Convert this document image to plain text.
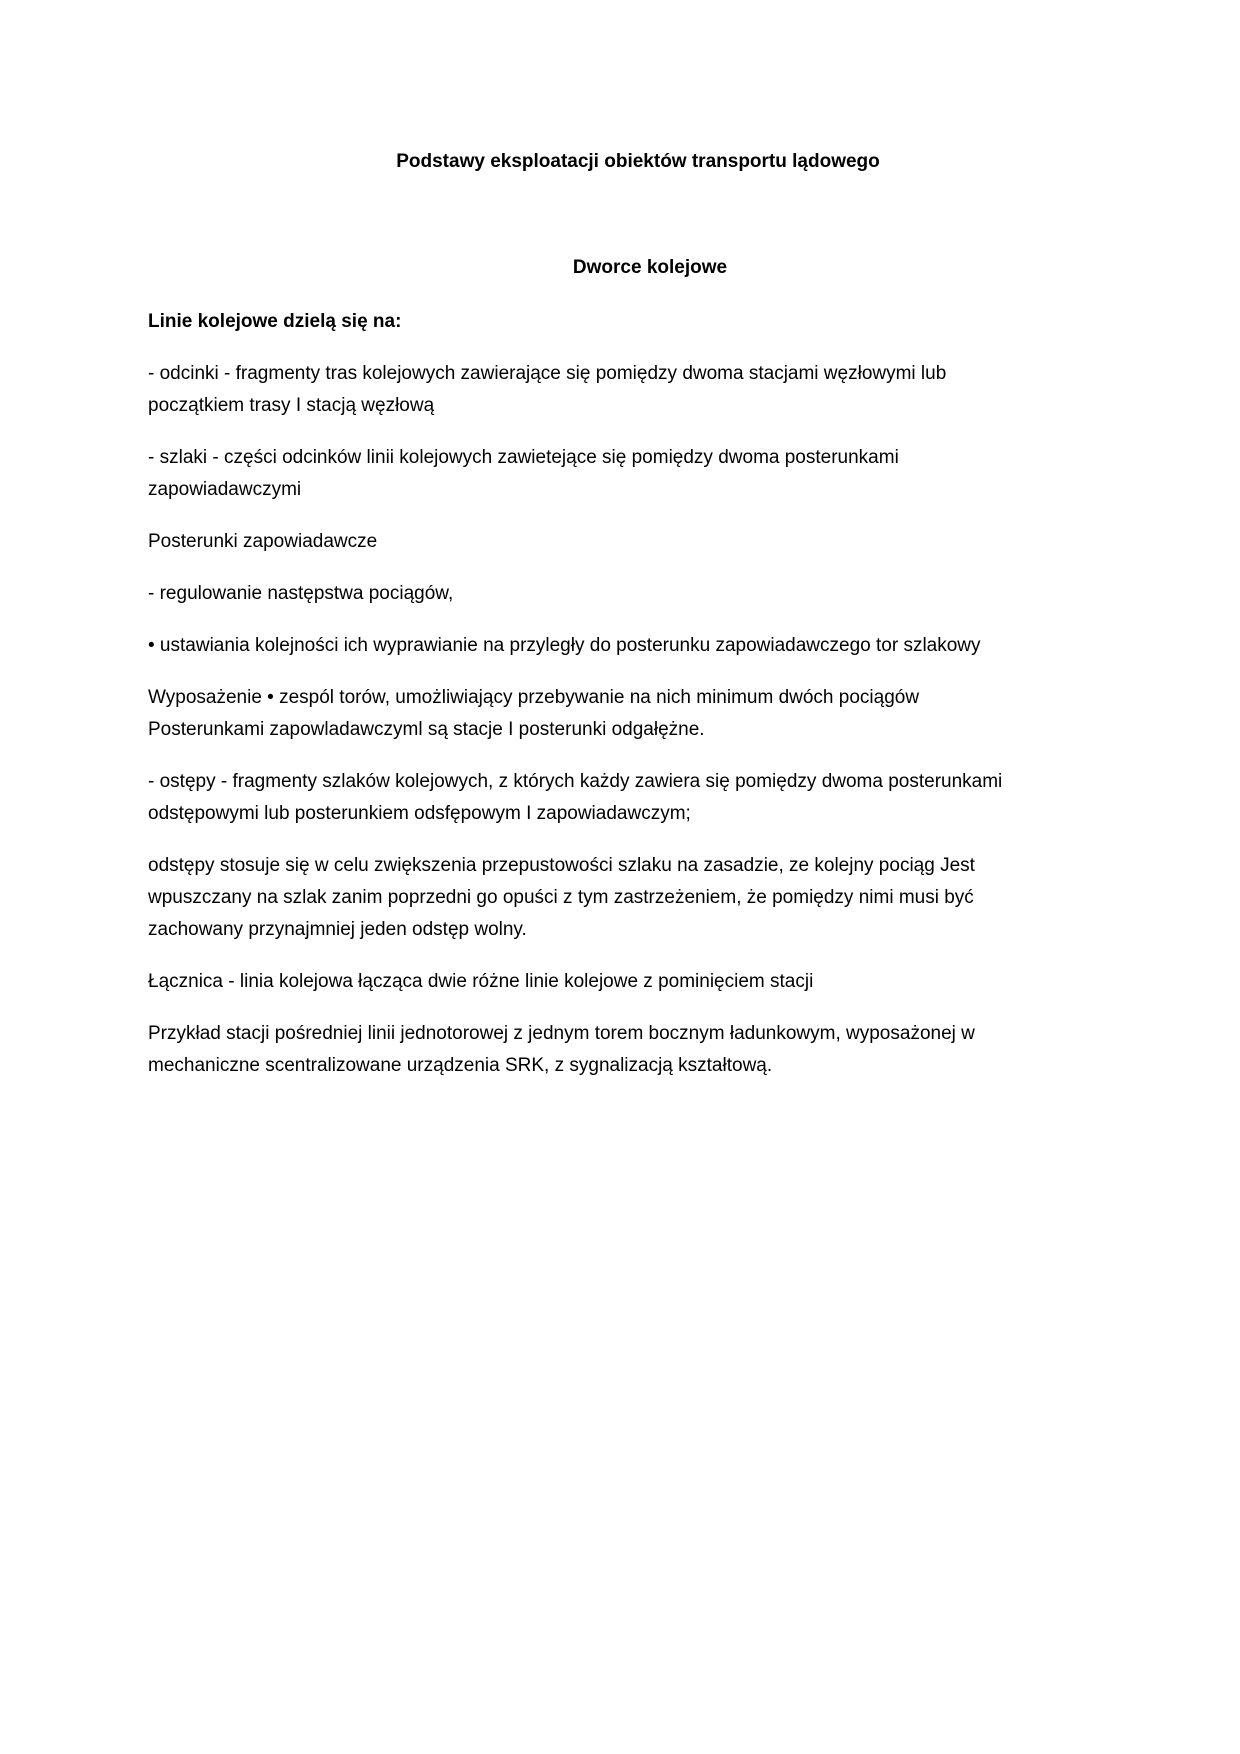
Podstawy eksploatacji obiektów transportu lądowego

Dworce kolejowe

Linie kolejowe dzielą się na:

- odcinki - fragmenty tras kolejowych zawierające się pomiędzy dwoma stacjami węzłowymi lub
początkiem trasy I stacją węzłową

- szlaki - części odcinków linii kolejowych zawietejące się pomiędzy dwoma posterunkami
zapowiadawczymi

Posterunki zapowiadawcze

- regulowanie następstwa pociągów,

• ustawiania kolejności ich wyprawianie na przyległy do posterunku zapowiadawczego tor szlakowy

Wyposażenie • zespól torów, umożliwiający przebywanie na nich minimum dwóch pociągów
Posterunkami zapowladawczyml są stacje I posterunki odgałężne.

- ostępy - fragmenty szlaków kolejowych, z których każdy zawiera się pomiędzy dwoma posterunkami
odstępowymi lub posterunkiem odsfępowym I zapowiadawczym;

odstępy stosuje się w celu zwiększenia przepustowości szlaku na zasadzie, ze kolejny pociąg Jest
wpuszczany na szlak zanim poprzedni go opuści z tym zastrzeżeniem, że pomiędzy nimi musi być
zachowany przynajmniej jeden odstęp wolny.

Łącznica - linia kolejowa łącząca dwie różne linie kolejowe z pominięciem stacji

Przykład stacji pośredniej linii jednotorowej z jednym torem bocznym ładunkowym, wyposażonej w
mechaniczne scentralizowane urządzenia SRK, z sygnalizacją kształtową.
